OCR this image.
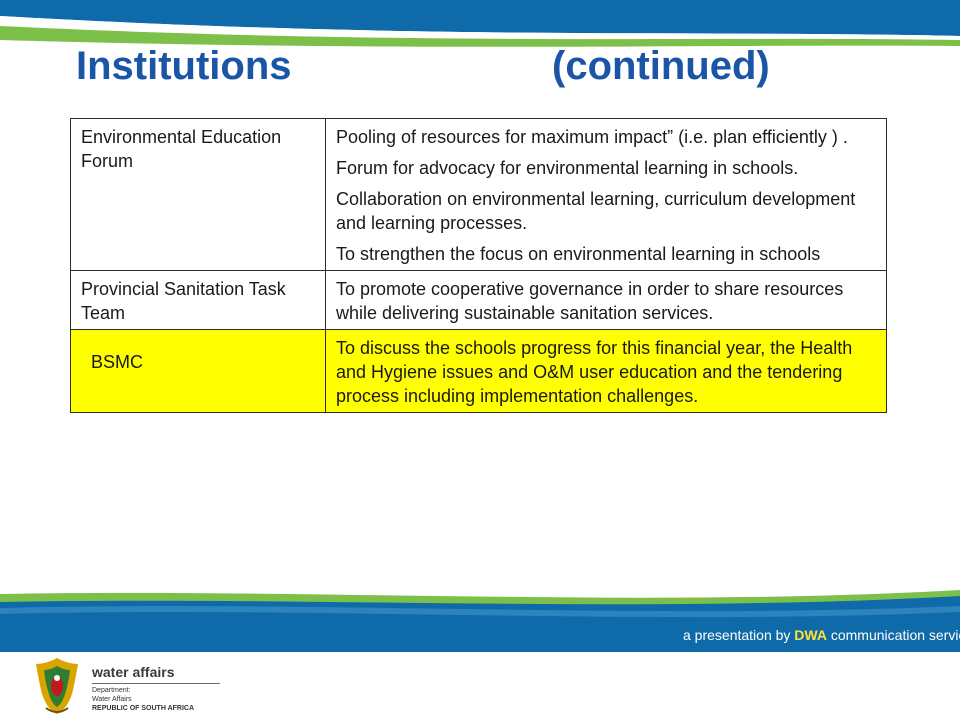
Institutions	(continued)
Environmental Education Forum	Pooling of resources for maximum impact” (i.e. plan efficiently ) .

Forum for advocacy for environmental learning in schools.

Collaboration on environmental learning, curriculum development and learning processes.

To strengthen the focus on environmental learning in schools

Provincial Sanitation Task Team	To promote cooperative governance in order to share resources while delivering sustainable sanitation services.

BSMC	To discuss the schools progress for this financial year, the Health and Hygiene issues and O&M user education and the tendering process including implementation challenges.

a presentation by DWA communication services

water affairs

Department:

Water Affairs

REPUBLIC OF SOUTH AFRICA
